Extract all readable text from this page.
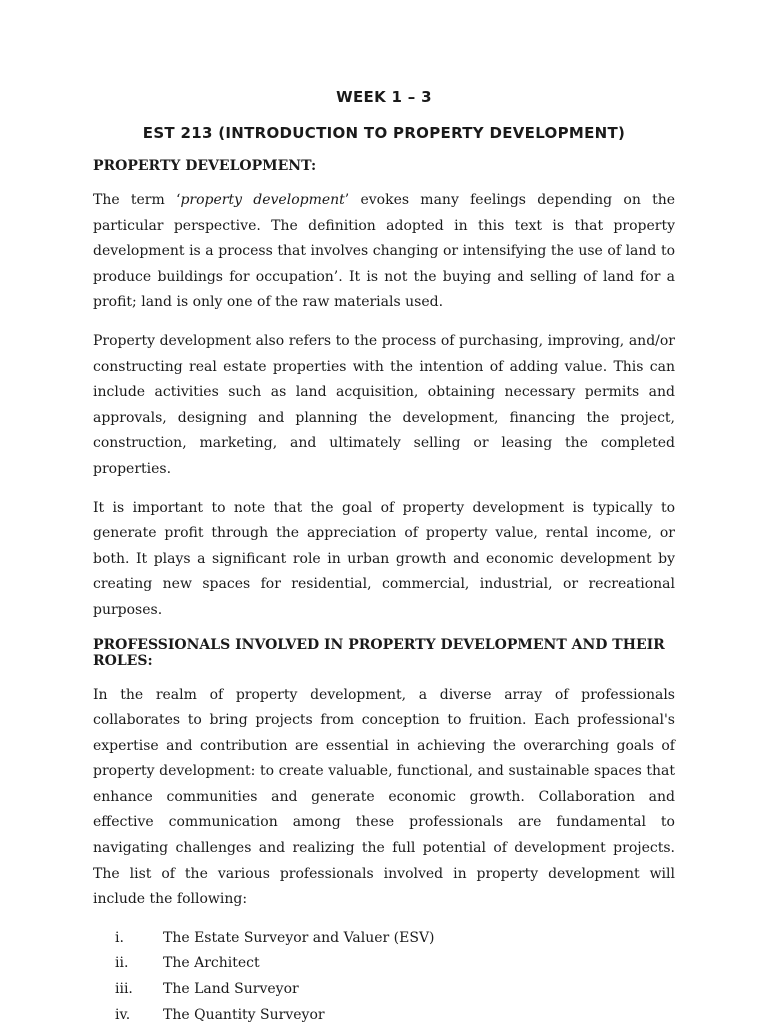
WEEK 1 – 3
EST 213 (INTRODUCTION TO PROPERTY DEVELOPMENT)
PROPERTY DEVELOPMENT:

The term ‘property development’ evokes many feelings depending on the particular perspective. The definition adopted in this text is that property development is a process that involves changing or intensifying the use of land to produce buildings for occupation’. It is not the buying and selling of land for a profit; land is only one of the raw materials used.

Property development also refers to the process of purchasing, improving, and/or constructing real estate properties with the intention of adding value. This can include activities such as land acquisition, obtaining necessary permits and approvals, designing and planning the development, financing the project, construction, marketing, and ultimately selling or leasing the completed properties.

It is important to note that the goal of property development is typically to generate profit through the appreciation of property value, rental income, or both. It plays a significant role in urban growth and economic development by creating new spaces for residential, commercial, industrial, or recreational purposes.

PROFESSIONALS INVOLVED IN PROPERTY DEVELOPMENT AND THEIR ROLES:

In the realm of property development, a diverse array of professionals collaborates to bring projects from conception to fruition. Each professional's expertise and contribution are essential in achieving the overarching goals of property development: to create valuable, functional, and sustainable spaces that enhance communities and generate economic growth. Collaboration and effective communication among these professionals are fundamental to navigating challenges and realizing the full potential of development projects. The list of the various professionals involved in property development will include the following:

i.	The Estate Surveyor and Valuer (ESV)
ii.	The Architect
iii.	The Land Surveyor
iv.	The Quantity Surveyor
